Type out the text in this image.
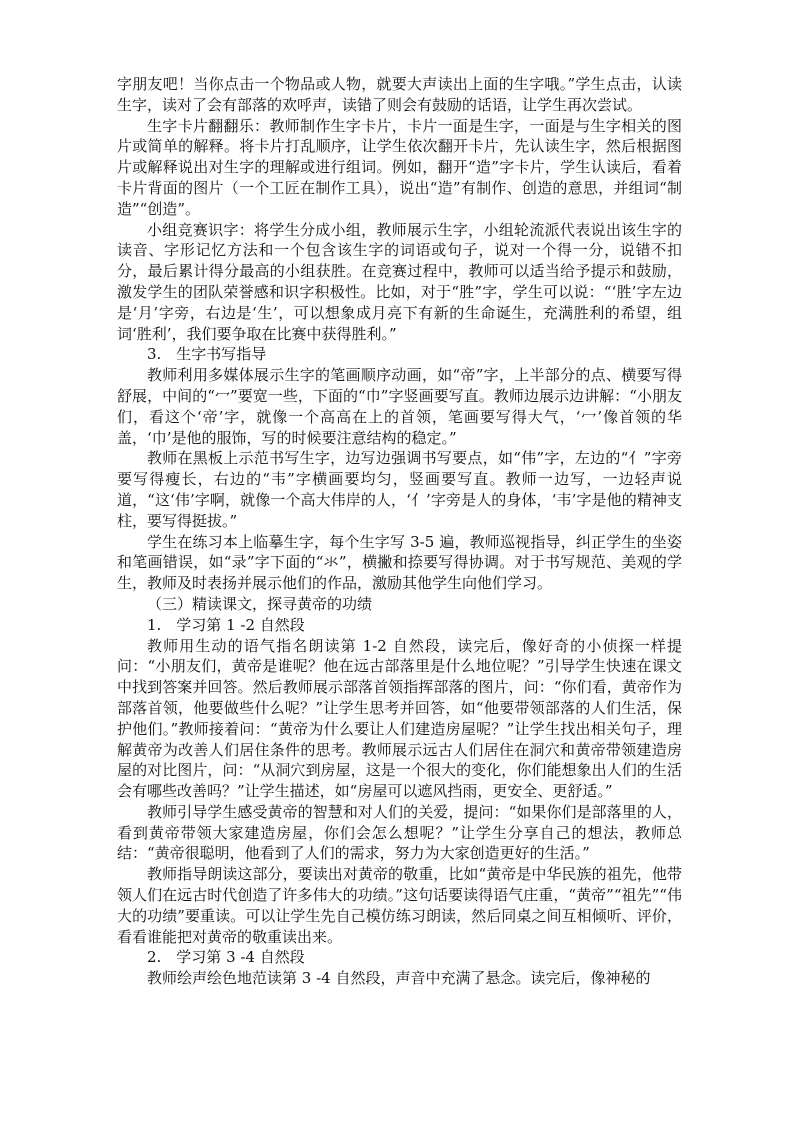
字朋友吧！当你点击一个物品或人物，就要大声读出上面的生字哦。”学生点击，认读生字，读对了会有部落的欢呼声，读错了则会有鼓励的话语，让学生再次尝试。

生字卡片翻翻乐：教师制作生字卡片，卡片一面是生字，一面是与生字相关的图片或简单的解释。将卡片打乱顺序，让学生依次翻开卡片，先认读生字，然后根据图片或解释说出对生字的理解或进行组词。例如，翻开“造”字卡片，学生认读后，看着卡片背面的图片（一个工匠在制作工具），说出“造”有制作、创造的意思，并组词“制造”“创造”。

小组竞赛识字：将学生分成小组，教师展示生字，小组轮流派代表说出该生字的读音、字形记忆方法和一个包含该生字的词语或句子，说对一个得一分，说错不扣分，最后累计得分最高的小组获胜。在竞赛过程中，教师可以适当给予提示和鼓励，激发学生的团队荣誉感和识字积极性。比如，对于“胜”字，学生可以说：“‘胜’字左边是‘月’字旁，右边是‘生’，可以想象成月亮下有新的生命诞生，充满胜利的希望，组词‘胜利’，我们要争取在比赛中获得胜利。”

3.　生字书写指导

教师利用多媒体展示生字的笔画顺序动画，如“帝”字，上半部分的点、横要写得舒展，中间的“冖”要宽一些，下面的“巾”字竖画要写直。教师边展示边讲解：“小朋友们，看这个‘帝’字，就像一个高高在上的首领，笔画要写得大气，‘冖’像首领的华盖，‘巾’是他的服饰，写的时候要注意结构的稳定。”

教师在黑板上示范书写生字，边写边强调书写要点，如“伟”字，左边的“亻”字旁要写得瘦长，右边的“韦”字横画要均匀，竖画要写直。教师一边写，一边轻声说道，“这‘伟’字啊，就像一个高大伟岸的人，‘亻’字旁是人的身体，‘韦’字是他的精神支柱，要写得挺拔。”

学生在练习本上临摹生字，每个生字写 3-5 遍，教师巡视指导，纠正学生的坐姿和笔画错误，如“录”字下面的“氺”，横撇和捺要写得协调。对于书写规范、美观的学生，教师及时表扬并展示他们的作品，激励其他学生向他们学习。

（三）精读课文，探寻黄帝的功绩

1.　学习第 1 -2 自然段

教师用生动的语气指名朗读第 1-2 自然段，读完后，像好奇的小侦探一样提问：“小朋友们，黄帝是谁呢？他在远古部落里是什么地位呢？”引导学生快速在课文中找到答案并回答。然后教师展示部落首领指挥部落的图片，问：“你们看，黄帝作为部落首领，他要做些什么呢？”让学生思考并回答，如“他要带领部落的人们生活，保护他们。”教师接着问：“黄帝为什么要让人们建造房屋呢？”让学生找出相关句子，理解黄帝为改善人们居住条件的思考。教师展示远古人们居住在洞穴和黄帝带领建造房屋的对比图片，问：“从洞穴到房屋，这是一个很大的变化，你们能想象出人们的生活会有哪些改善吗？”让学生描述，如“房屋可以遮风挡雨，更安全、更舒适。”

教师引导学生感受黄帝的智慧和对人们的关爱，提问：“如果你们是部落里的人，看到黄帝带领大家建造房屋，你们会怎么想呢？”让学生分享自己的想法，教师总结：“黄帝很聪明，他看到了人们的需求，努力为大家创造更好的生活。”

教师指导朗读这部分，要读出对黄帝的敬重，比如“黄帝是中华民族的祖先，他带领人们在远古时代创造了许多伟大的功绩。”这句话要读得语气庄重，“黄帝”“祖先”“伟大的功绩”要重读。可以让学生先自己模仿练习朗读，然后同桌之间互相倾听、评价，看看谁能把对黄帝的敬重读出来。

2.　学习第 3 -4 自然段

教师绘声绘色地范读第 3 -4 自然段，声音中充满了悬念。读完后，像神秘的
